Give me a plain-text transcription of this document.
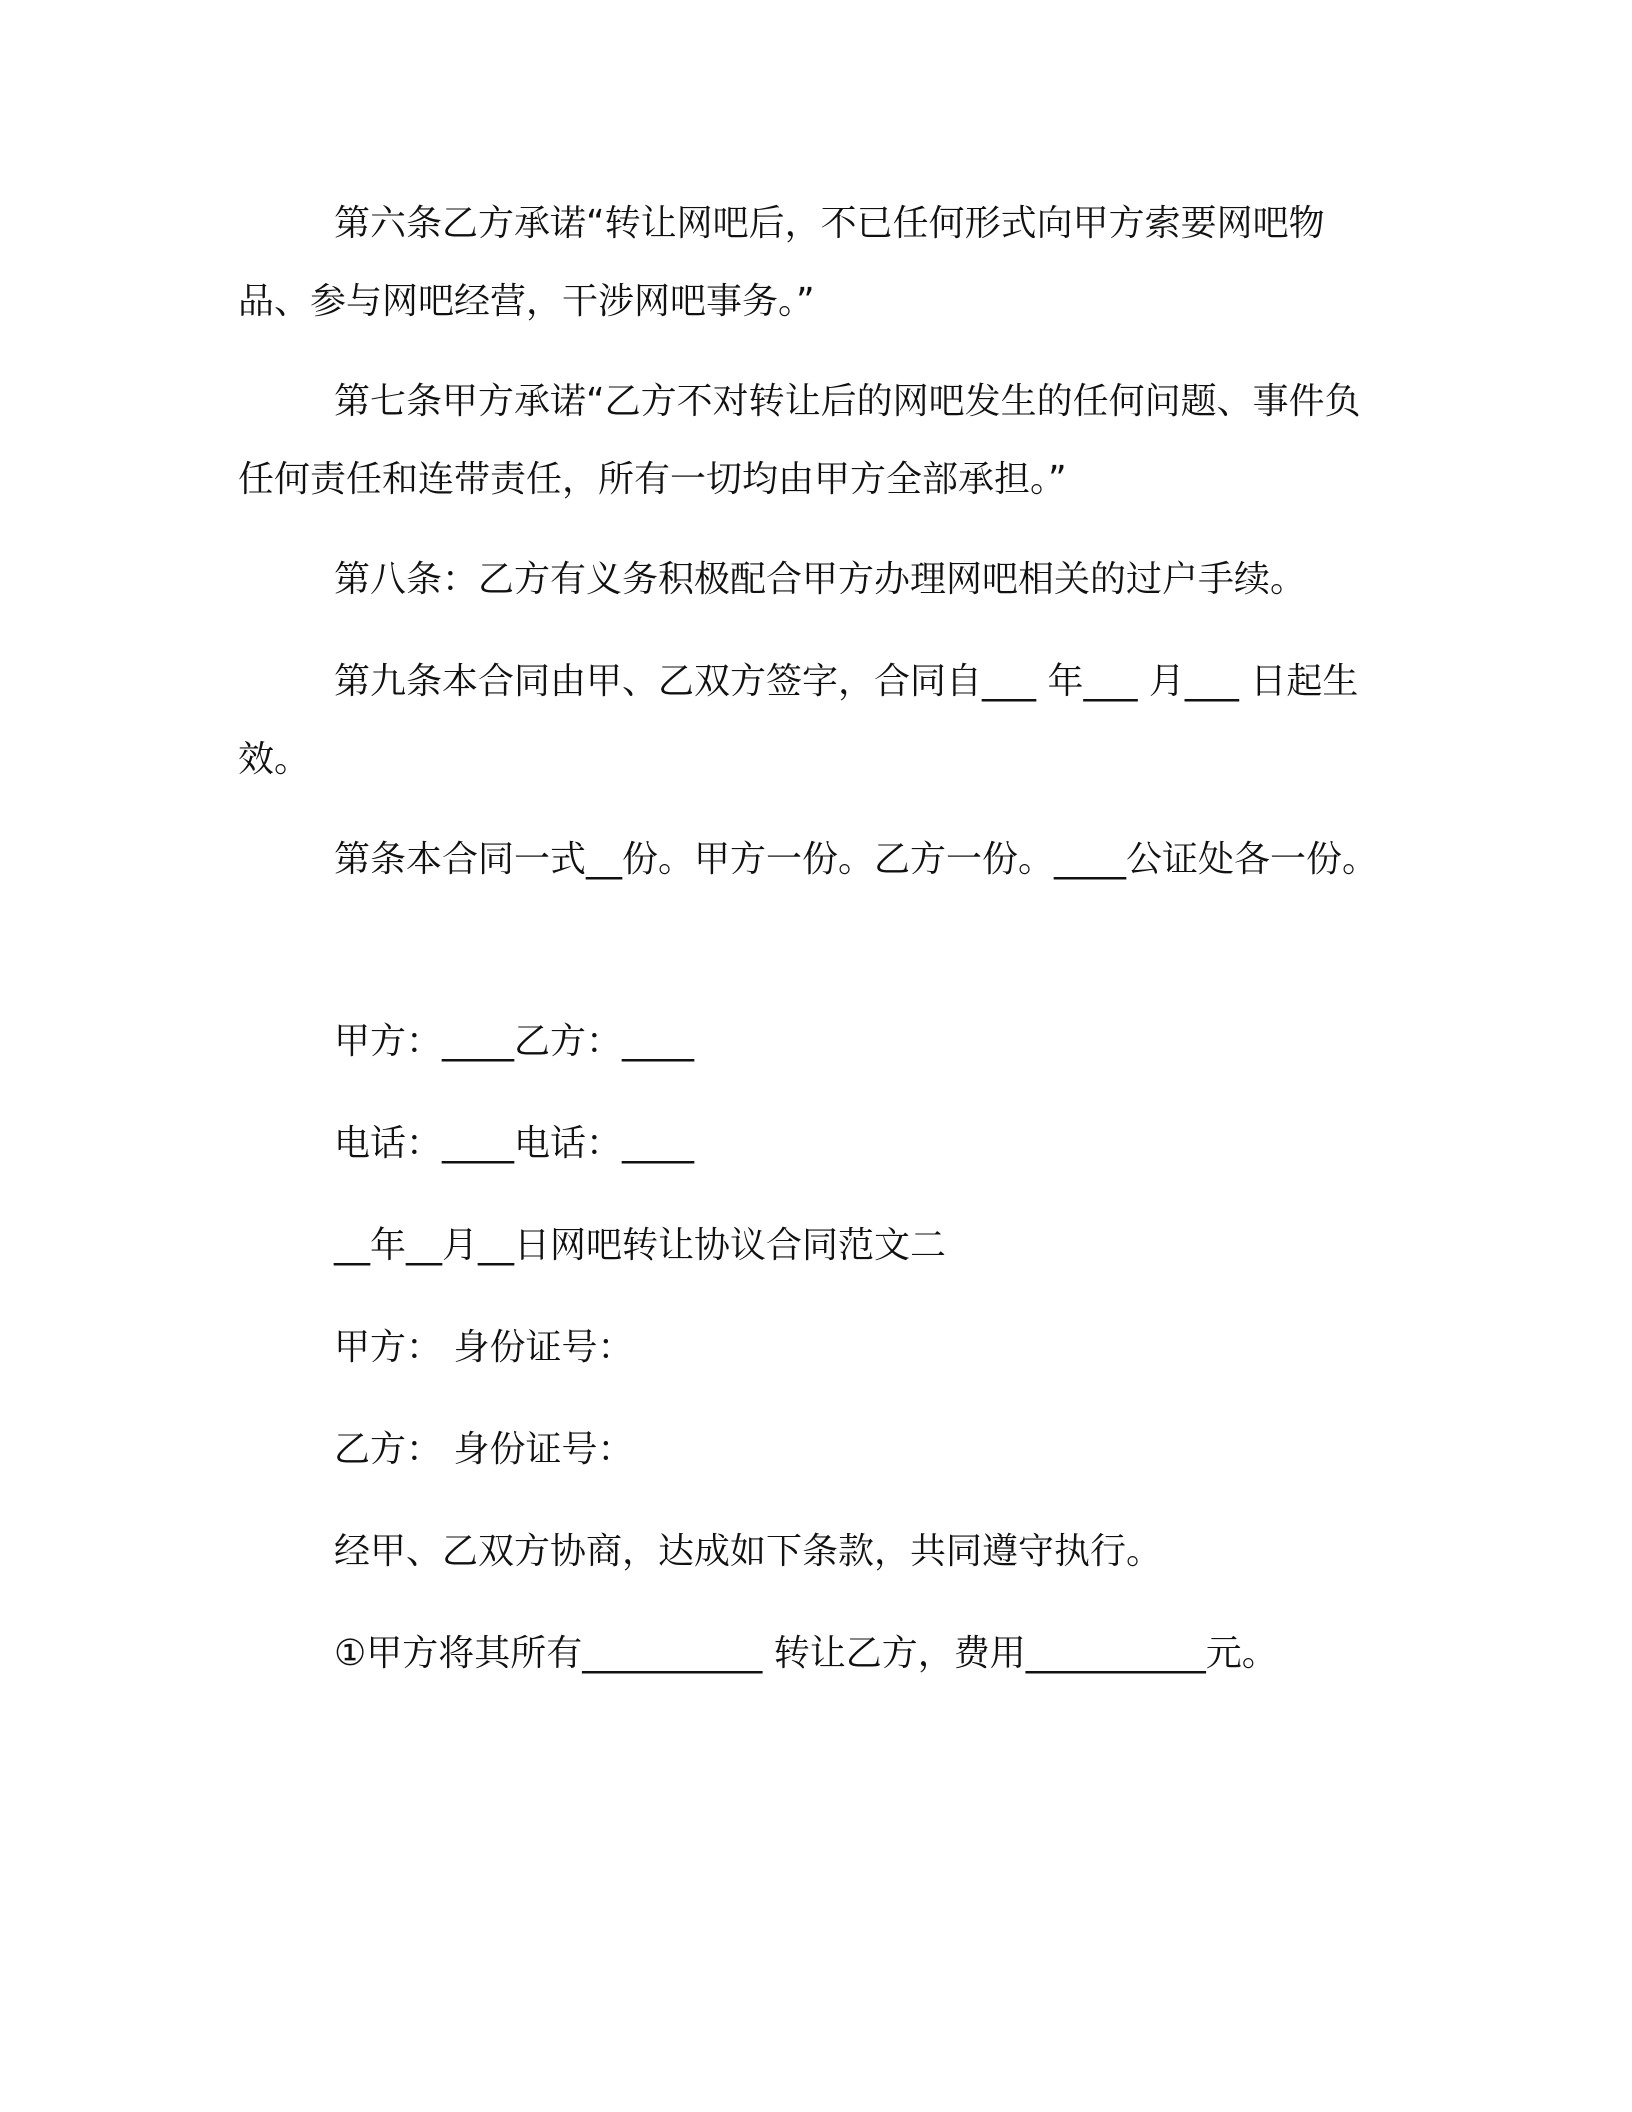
第六条乙方承诺“转让网吧后，不已任何形式向甲方索要网吧物品、参与网吧经营，干涉网吧事务。”
第七条甲方承诺“乙方不对转让后的网吧发生的任何问题、事件负任何责任和连带责任，所有一切均由甲方全部承担。”
第八条：乙方有义务积极配合甲方办理网吧相关的过户手续。
第九条本合同由甲、乙双方签字，合同自___ 年___ 月___ 日起生效。
第条本合同一式__份。甲方一份。乙方一份。____公证处各一份。
甲方：____乙方：____
电话：____电话：____
__年__月__日网吧转让协议合同范文二
甲方： 身份证号：
乙方： 身份证号：
经甲、乙双方协商，达成如下条款，共同遵守执行。
①甲方将其所有__________ 转让乙方，费用__________元。
